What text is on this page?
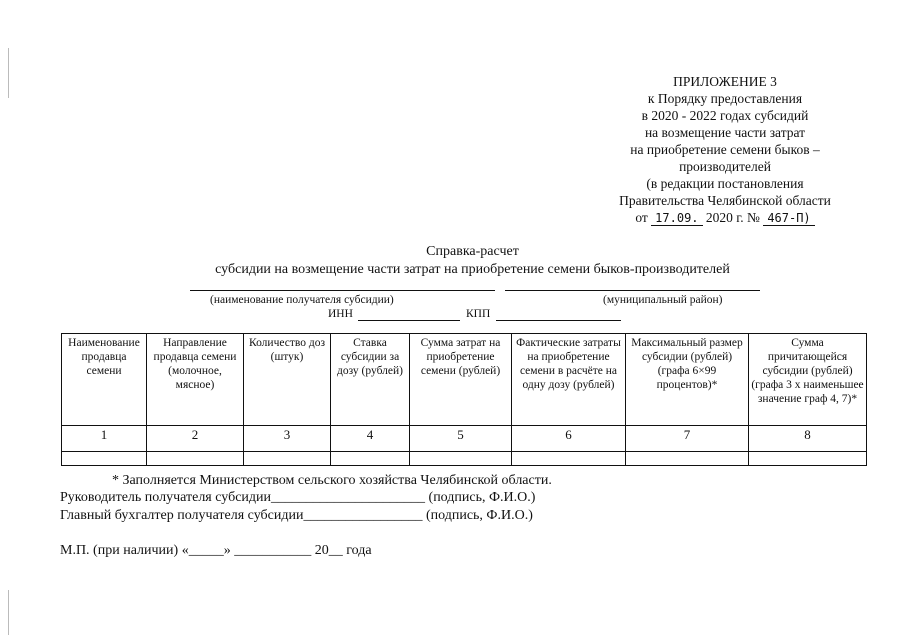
ПРИЛОЖЕНИЕ 3
к Порядку предоставления
в 2020 - 2022 годах субсидий
на возмещение части затрат
на приобретение семени быков –
производителей
(в редакции постановления
Правительства Челябинской области
от 17.09. 2020 г. № 467-П)
Справка-расчет
субсидии на возмещение части затрат на приобретение семени быков-производителей
(наименование получателя субсидии)	(муниципальный район)
ИНН	КПП
Наименование продавца семени	Направление продавца семени (молочное, мясное)	Количество доз (штук)	Ставка субсидии за дозу (рублей)	Сумма затрат на приобретение семени (рублей)	Фактические затраты на приобретение семени в расчёте на одну дозу (рублей)	Максимальный размер субсидии (рублей) (графа 6×99 процентов)*	Сумма причитающейся субсидии (рублей) (графа 3 х наименьшее значение граф 4, 7)*
1	2	3	4	5	6	7	8

* Заполняется Министерством сельского хозяйства Челябинской области.
Руководитель получателя субсидии______________________ (подпись, Ф.И.О.)
Главный бухгалтер получателя субсидии_________________ (подпись, Ф.И.О.)
М.П. (при наличии) «_____» ___________ 20__ года
